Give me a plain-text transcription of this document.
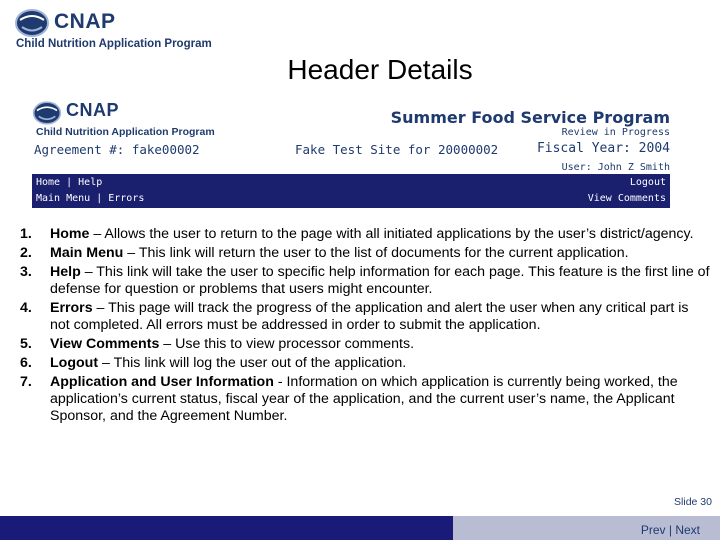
CNAP
Child Nutrition Application Program
Header Details
CNAP
Child Nutrition Application Program
Summer Food Service Program
Review in Progress
Agreement #: fake00002	Fake Test Site for 20000002	Fiscal Year: 2004
User: John Z Smith
Home | Help
Main Menu | Errors
Logout
View Comments
1. Home – Allows the user to return to the page with all initiated applications by the user’s district/agency.
2. Main Menu – This link will return the user to the list of documents for the current application.
3. Help – This link will take the user to specific help information for each page. This feature is the first line of defense for question or problems that users might encounter.
4. Errors – This page will track the progress of the application and alert the user when any critical part is not completed. All errors must be addressed in order to submit the application.
5. View Comments – Use this to view processor comments.
6. Logout – This link will log the user out of the application.
7. Application and User Information - Information on which application is currently being worked, the application’s current status, fiscal year of the application, and the current user’s name, the Applicant Sponsor, and the Agreement Number.
Slide 30
Prev | Next
